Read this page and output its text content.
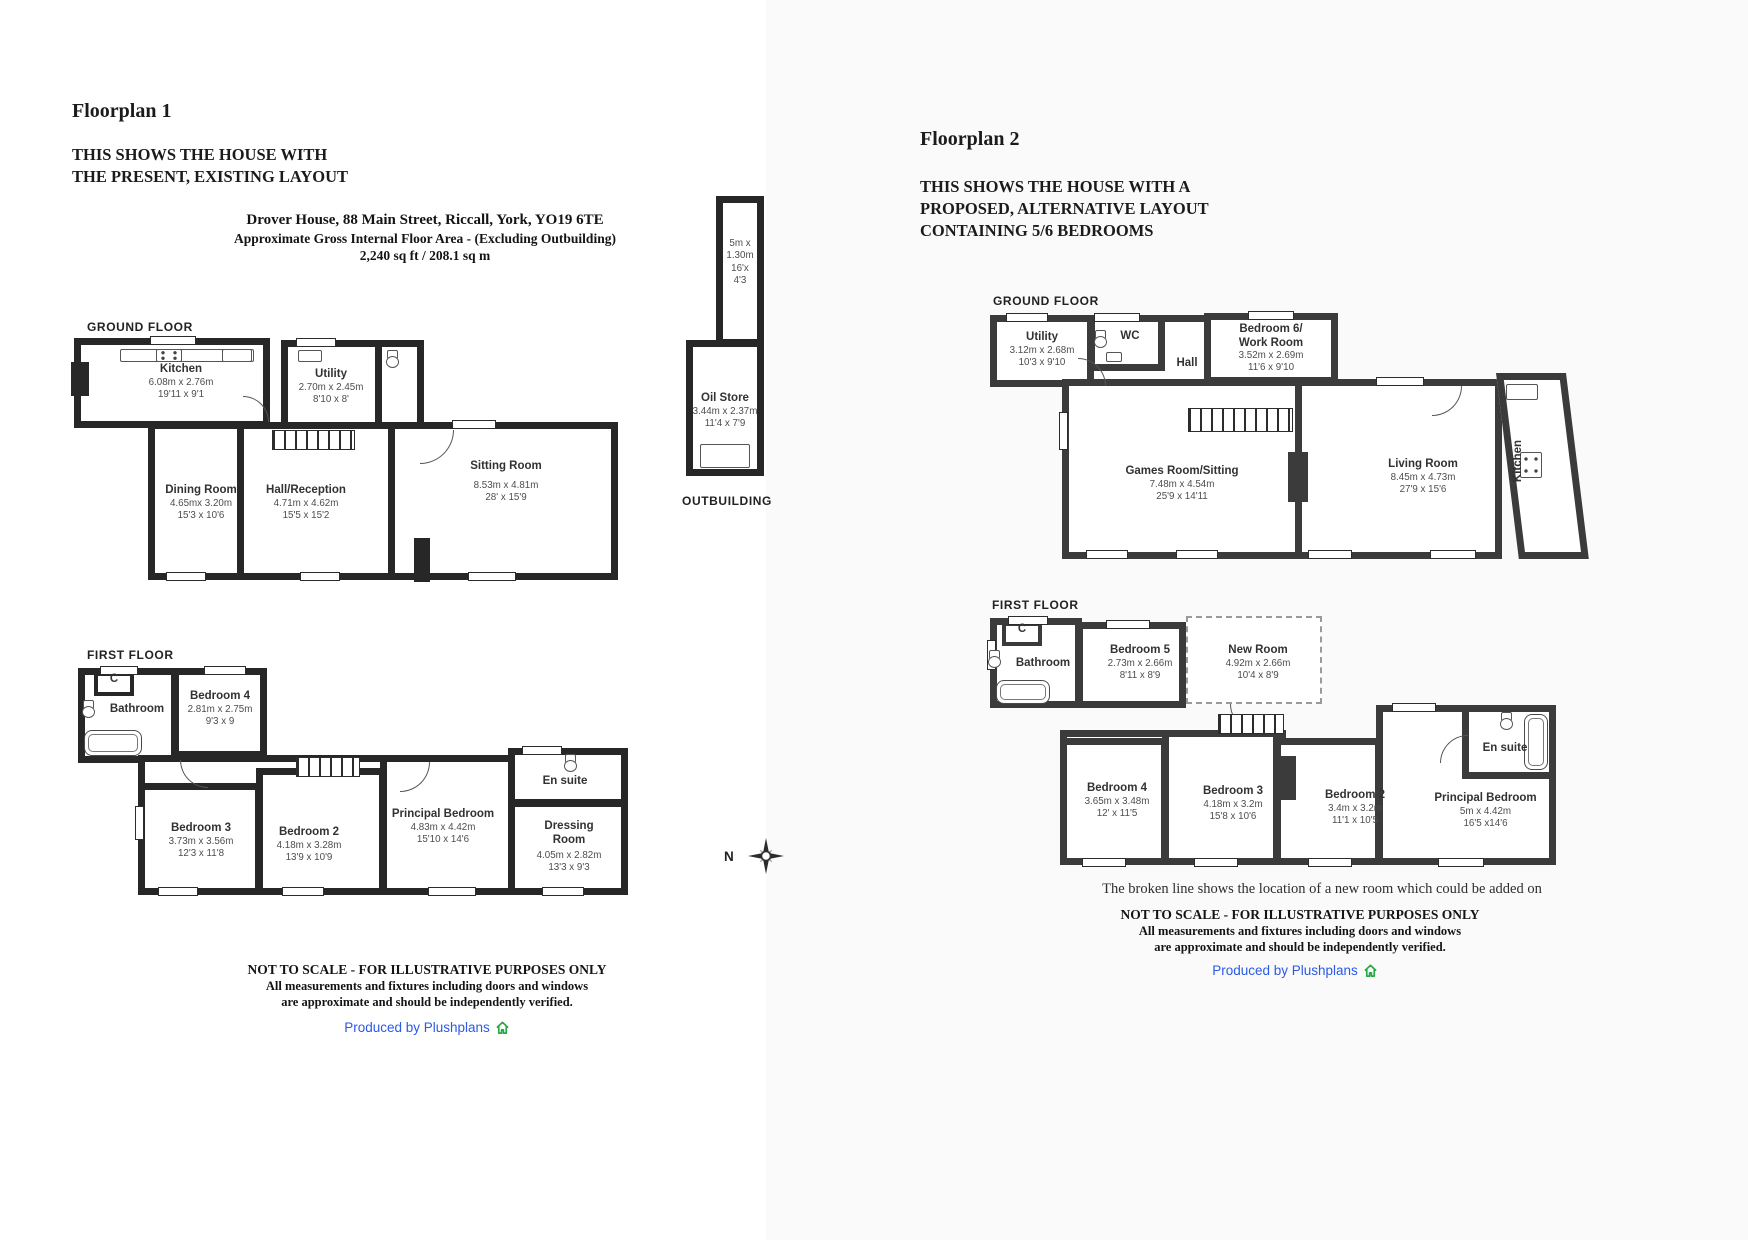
Floorplan 1
THIS SHOWS THE HOUSE WITH
THE PRESENT, EXISTING LAYOUT
Drover House, 88 Main Street, Riccall, York, YO19 6TE
Approximate Gross Internal Floor Area - (Excluding Outbuilding)
2,240 sq ft / 208.1 sq m
GROUND FLOOR
Kitchen
6.08m x 2.76m
19'11 x 9'1
Utility
2.70m x 2.45m
8'10 x 8'
Dining Room
4.65mx 3.20m
15'3 x 10'6
Hall/Reception
4.71m x 4.62m
15'5 x 15'2
Sitting Room
8.53m x 4.81m
28' x 15'9
5m x
1.30m
16'x
4'3
Oil Store
3.44m x 2.37m
11'4 x 7'9
OUTBUILDING
FIRST FLOOR
C
Bathroom
Bedroom 4
2.81m x 2.75m
9'3 x 9
Bedroom 3
3.73m x 3.56m
12'3 x 11'8
Bedroom 2
4.18m x 3.28m
13'9 x 10'9
Principal Bedroom
4.83m x 4.42m
15'10 x 14'6
En suite
Dressing Room
4.05m x 2.82m
13'3 x 9'3
N
NOT TO SCALE - FOR ILLUSTRATIVE PURPOSES ONLY
All measurements and fixtures including doors and windows
are approximate and should be independently verified.
Produced by Plushplans
Floorplan 2
THIS SHOWS THE HOUSE WITH A
PROPOSED, ALTERNATIVE LAYOUT
CONTAINING 5/6 BEDROOMS
GROUND FLOOR
Utility
3.12m x 2.68m
10'3 x 9'10
WC
Hall
Bedroom 6/
Work Room
3.52m x 2.69m
11'6 x 9'10
Games Room/Sitting
7.48m x 4.54m
25'9 x 14'11
Living Room
8.45m x 4.73m
27'9 x 15'6
Kitchen
FIRST FLOOR
C
Bathroom
Bedroom 5
2.73m x 2.66m
8'11 x 8'9
New Room
4.92m x 2.66m
10'4 x 8'9
Bedroom 4
3.65m x 3.48m
12' x 11'5
Bedroom 3
4.18m x 3.2m
15'8 x 10'6
Bedroom 2
3.4m x 3.2m
11'1 x 10'5
Principal Bedroom
5m x 4.42m
16'5 x14'6
En suite
The broken line shows the location of a new room which could be added on
NOT TO SCALE - FOR ILLUSTRATIVE PURPOSES ONLY
All measurements and fixtures including doors and windows
are approximate and should be independently verified.
Produced by Plushplans
